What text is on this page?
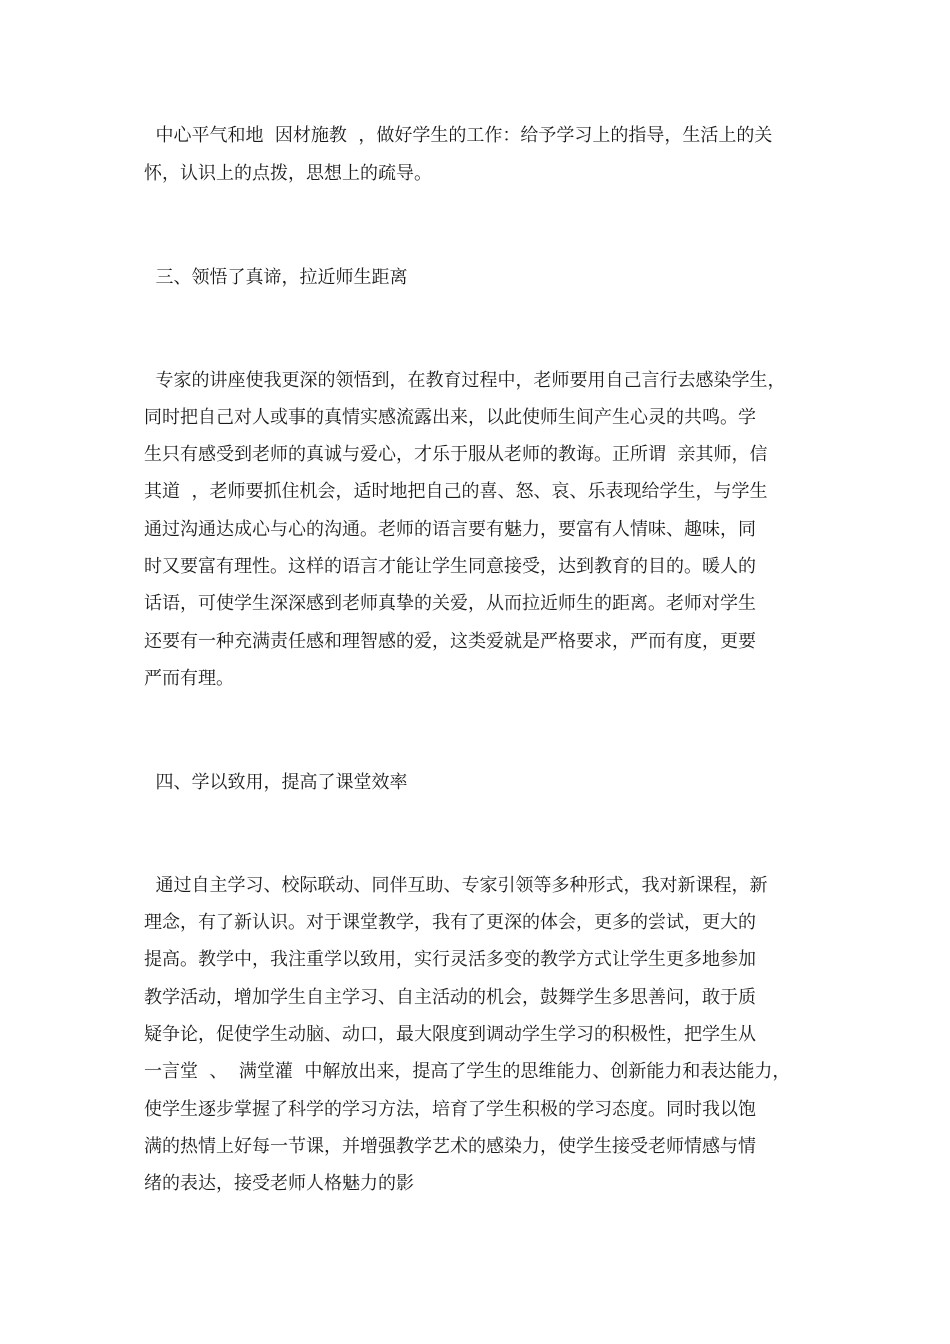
中心平气和地  因材施教  ，做好学生的工作：给予学习上的指导，生活上的关

怀，认识上的点拨，思想上的疏导。

三、领悟了真谛，拉近师生距离

专家的讲座使我更深的领悟到，在教育过程中，老师要用自己言行去感染学生，

同时把自己对人或事的真情实感流露出来，以此使师生间产生心灵的共鸣。学

生只有感受到老师的真诚与爱心，才乐于服从老师的教诲。正所谓  亲其师，信

其道  ，老师要抓住机会，适时地把自己的喜、怒、哀、乐表现给学生，与学生

通过沟通达成心与心的沟通。老师的语言要有魅力，要富有人情味、趣味，同

时又要富有理性。这样的语言才能让学生同意接受，达到教育的目的。暖人的

话语，可使学生深深感到老师真挚的关爱，从而拉近师生的距离。老师对学生

还要有一种充满责任感和理智感的爱，这类爱就是严格要求，严而有度，更要

严而有理。

四、学以致用，提高了课堂效率

通过自主学习、校际联动、同伴互助、专家引领等多种形式，我对新课程，新

理念，有了新认识。对于课堂教学，我有了更深的体会，更多的尝试，更大的

提高。教学中，我注重学以致用，实行灵活多变的教学方式让学生更多地参加

教学活动，增加学生自主学习、自主活动的机会，鼓舞学生多思善问，敢于质

疑争论，促使学生动脑、动口，最大限度到调动学生学习的积极性，把学生从

一言堂  、  满堂灌  中解放出来，提高了学生的思维能力、创新能力和表达能力，

使学生逐步掌握了科学的学习方法，培育了学生积极的学习态度。同时我以饱

满的热情上好每一节课，并增强教学艺术的感染力，使学生接受老师情感与情

绪的表达，接受老师人格魅力的影
